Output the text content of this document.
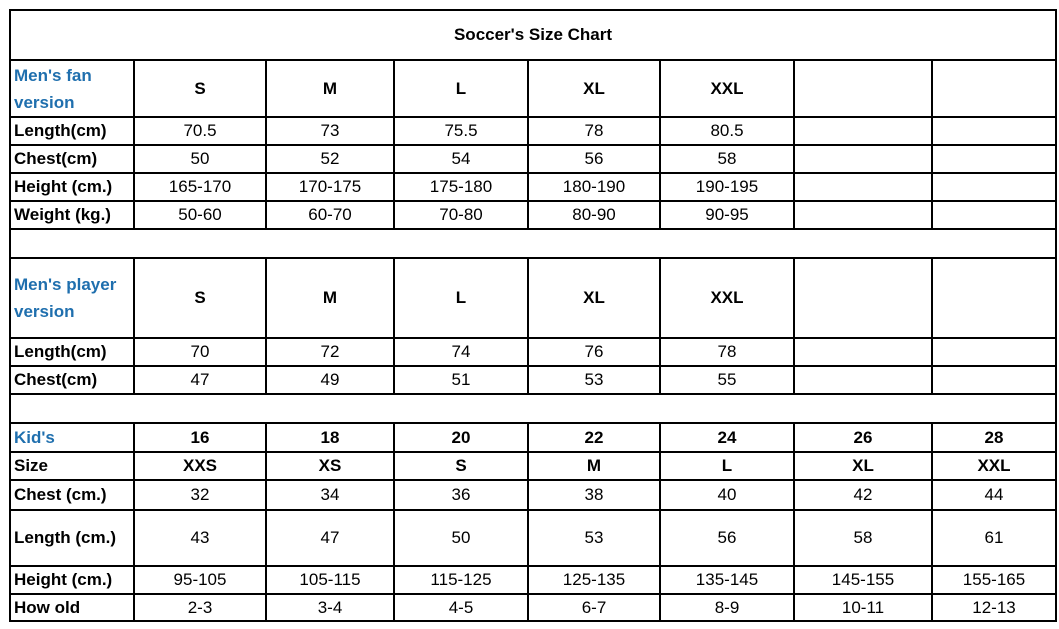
Soccer's Size Chart							
Men's fan version	S	M	L	XL	XXL		
Length(cm)	70.5	73	75.5	78	80.5		
Chest(cm)	50	52	54	56	58		
Height (cm.)	165-170	170-175	175-180	180-190	190-195		
Weight (kg.)	50-60	60-70	70-80	80-90	90-95		

Men's player version	S	M	L	XL	XXL		
Length(cm)	70	72	74	76	78		
Chest(cm)	47	49	51	53	55		

Kid's	16	18	20	22	24	26	28
Size	XXS	XS	S	M	L	XL	XXL
Chest (cm.)	32	34	36	38	40	42	44
Length (cm.)	43	47	50	53	56	58	61
Height (cm.)	95-105	105-115	115-125	125-135	135-145	145-155	155-165
How old	2-3	3-4	4-5	6-7	8-9	10-11	12-13
